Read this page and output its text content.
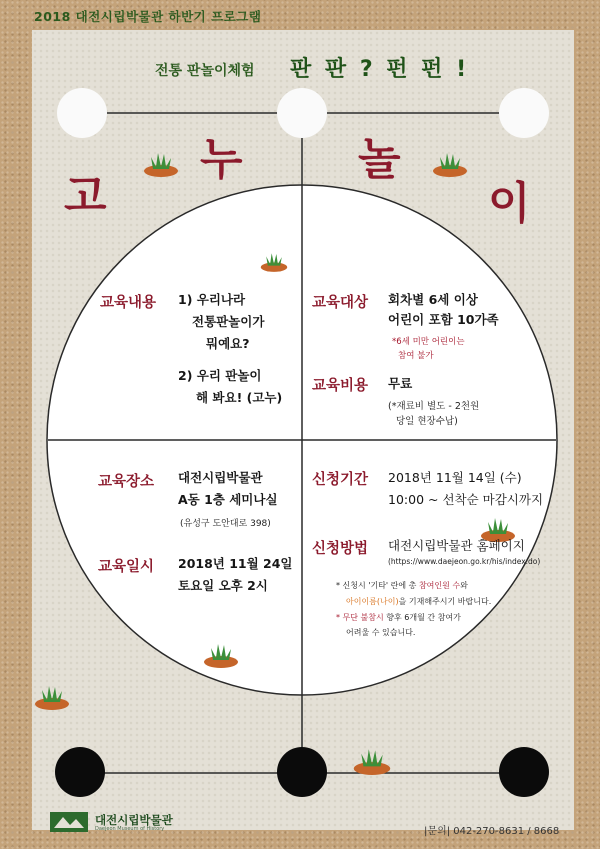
2018 대전시립박물관 하반기 프로그램
전통 판놀이체험 판 판 ? 펀 펀 !
고
누	놀
이
교육내용 1) 우리나라
전통판놀이가
뭐예요?
2) 우리 판놀이
해 봐요! (고누)
교육대상 회차별 6세 이상
어린이 포함 10가족
*6세 미만 어린이는
참여 불가
교육비용 무료
(*재료비 별도 - 2천원
당일 현장수납)
교육장소 대전시립박물관
A동 1층 세미나실
(유성구 도안대로 398)
교육일시 2018년 11월 24일
토요일 오후 2시
신청기간 2018년 11월 14일 (수)
10:00 ~ 선착순 마감시까지
신청방법 대전시립박물관 홈페이지
(https://www.daejeon.go.kr/his/index.do)
* 신청시 '기타' 란에 총 참여인원 수와
아이이름(나이)을 기재해주시기 바랍니다.
* 무단 불참시 향후 6개월 간 참여가
어려울 수 있습니다.
대전시립박물관
Daejeon Museum of History	|문의| 042-270-8631 / 8668
